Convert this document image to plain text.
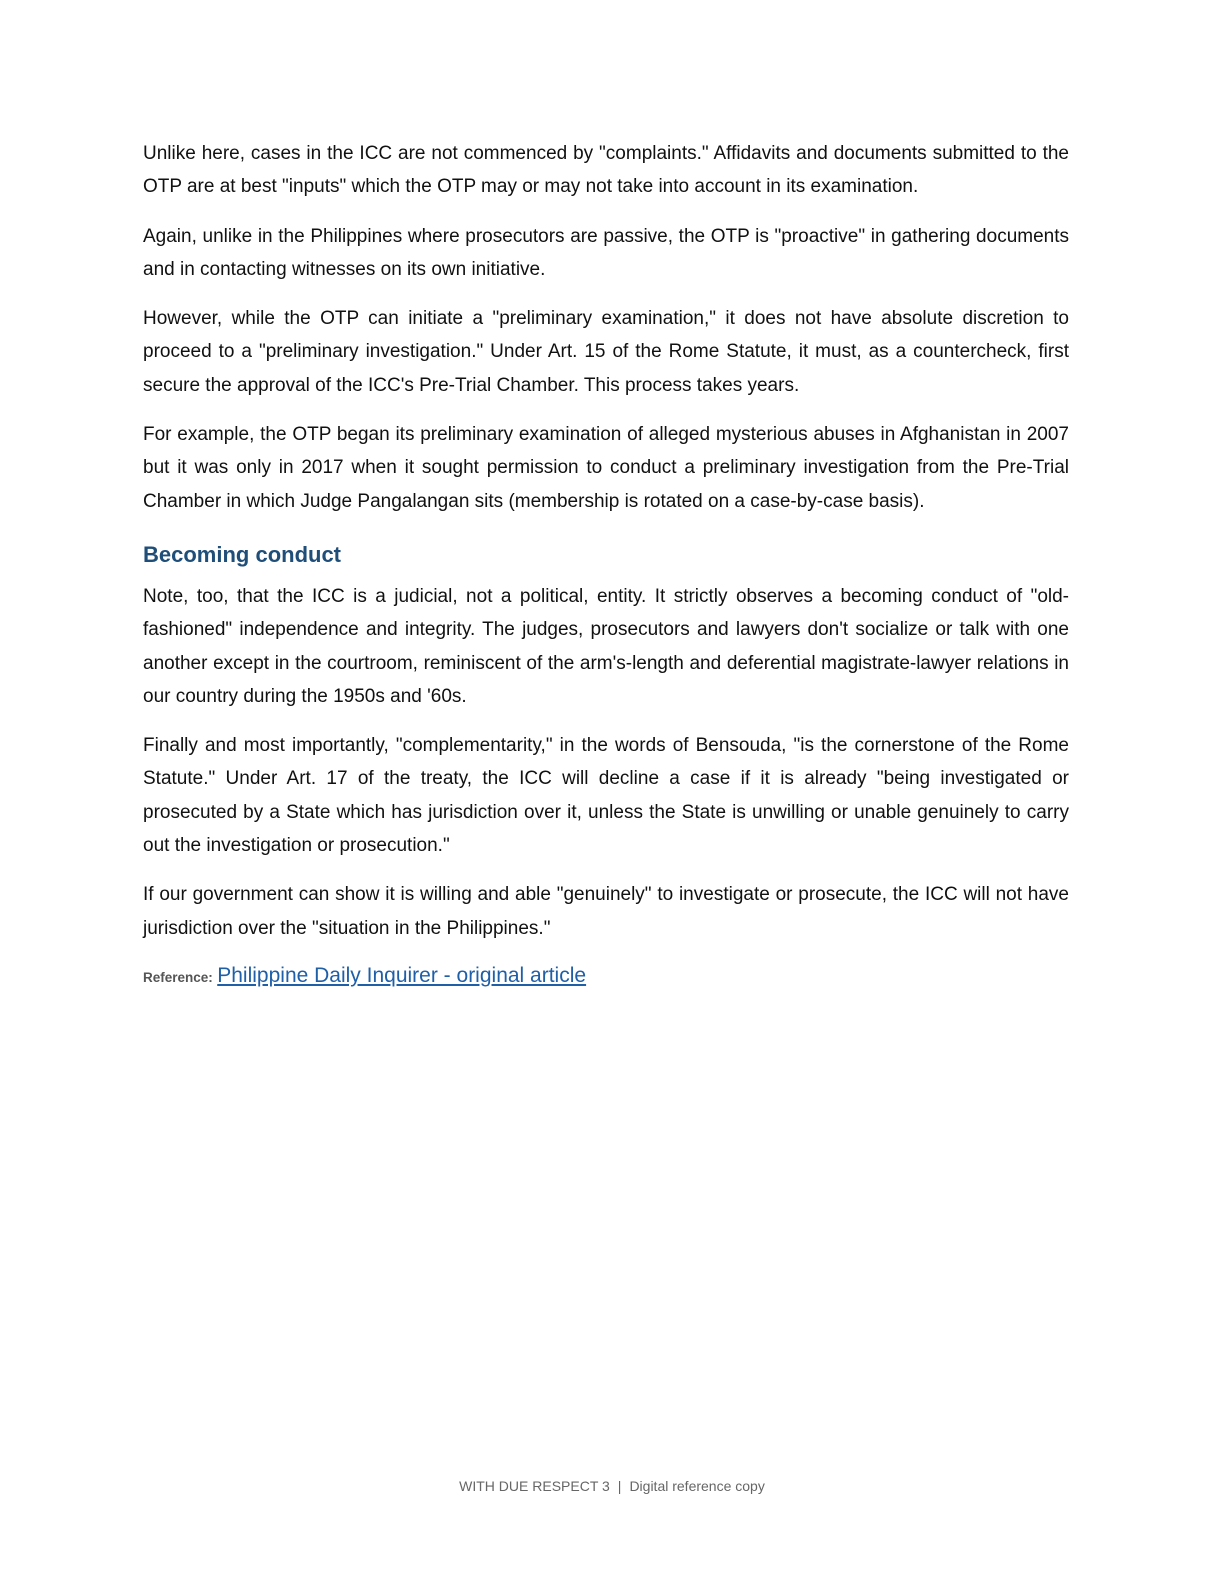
Unlike here, cases in the ICC are not commenced by "complaints." Affidavits and documents submitted to the OTP are at best "inputs" which the OTP may or may not take into account in its examination.

Again, unlike in the Philippines where prosecutors are passive, the OTP is "proactive" in gathering documents and in contacting witnesses on its own initiative.

However, while the OTP can initiate a "preliminary examination," it does not have absolute discretion to proceed to a "preliminary investigation." Under Art. 15 of the Rome Statute, it must, as a countercheck, first secure the approval of the ICC's Pre-Trial Chamber. This process takes years.

For example, the OTP began its preliminary examination of alleged mysterious abuses in Afghanistan in 2007 but it was only in 2017 when it sought permission to conduct a preliminary investigation from the Pre-Trial Chamber in which Judge Pangalangan sits (membership is rotated on a case-by-case basis).

Becoming conduct

Note, too, that the ICC is a judicial, not a political, entity. It strictly observes a becoming conduct of "old-fashioned" independence and integrity. The judges, prosecutors and lawyers don't socialize or talk with one another except in the courtroom, reminiscent of the arm's-length and deferential magistrate-lawyer relations in our country during the 1950s and '60s.

Finally and most importantly, "complementarity," in the words of Bensouda, "is the cornerstone of the Rome Statute." Under Art. 17 of the treaty, the ICC will decline a case if it is already "being investigated or prosecuted by a State which has jurisdiction over it, unless the State is unwilling or unable genuinely to carry out the investigation or prosecution."

If our government can show it is willing and able "genuinely" to investigate or prosecute, the ICC will not have jurisdiction over the "situation in the Philippines."

Reference: Philippine Daily Inquirer - original article
WITH DUE RESPECT 3 | Digital reference copy
